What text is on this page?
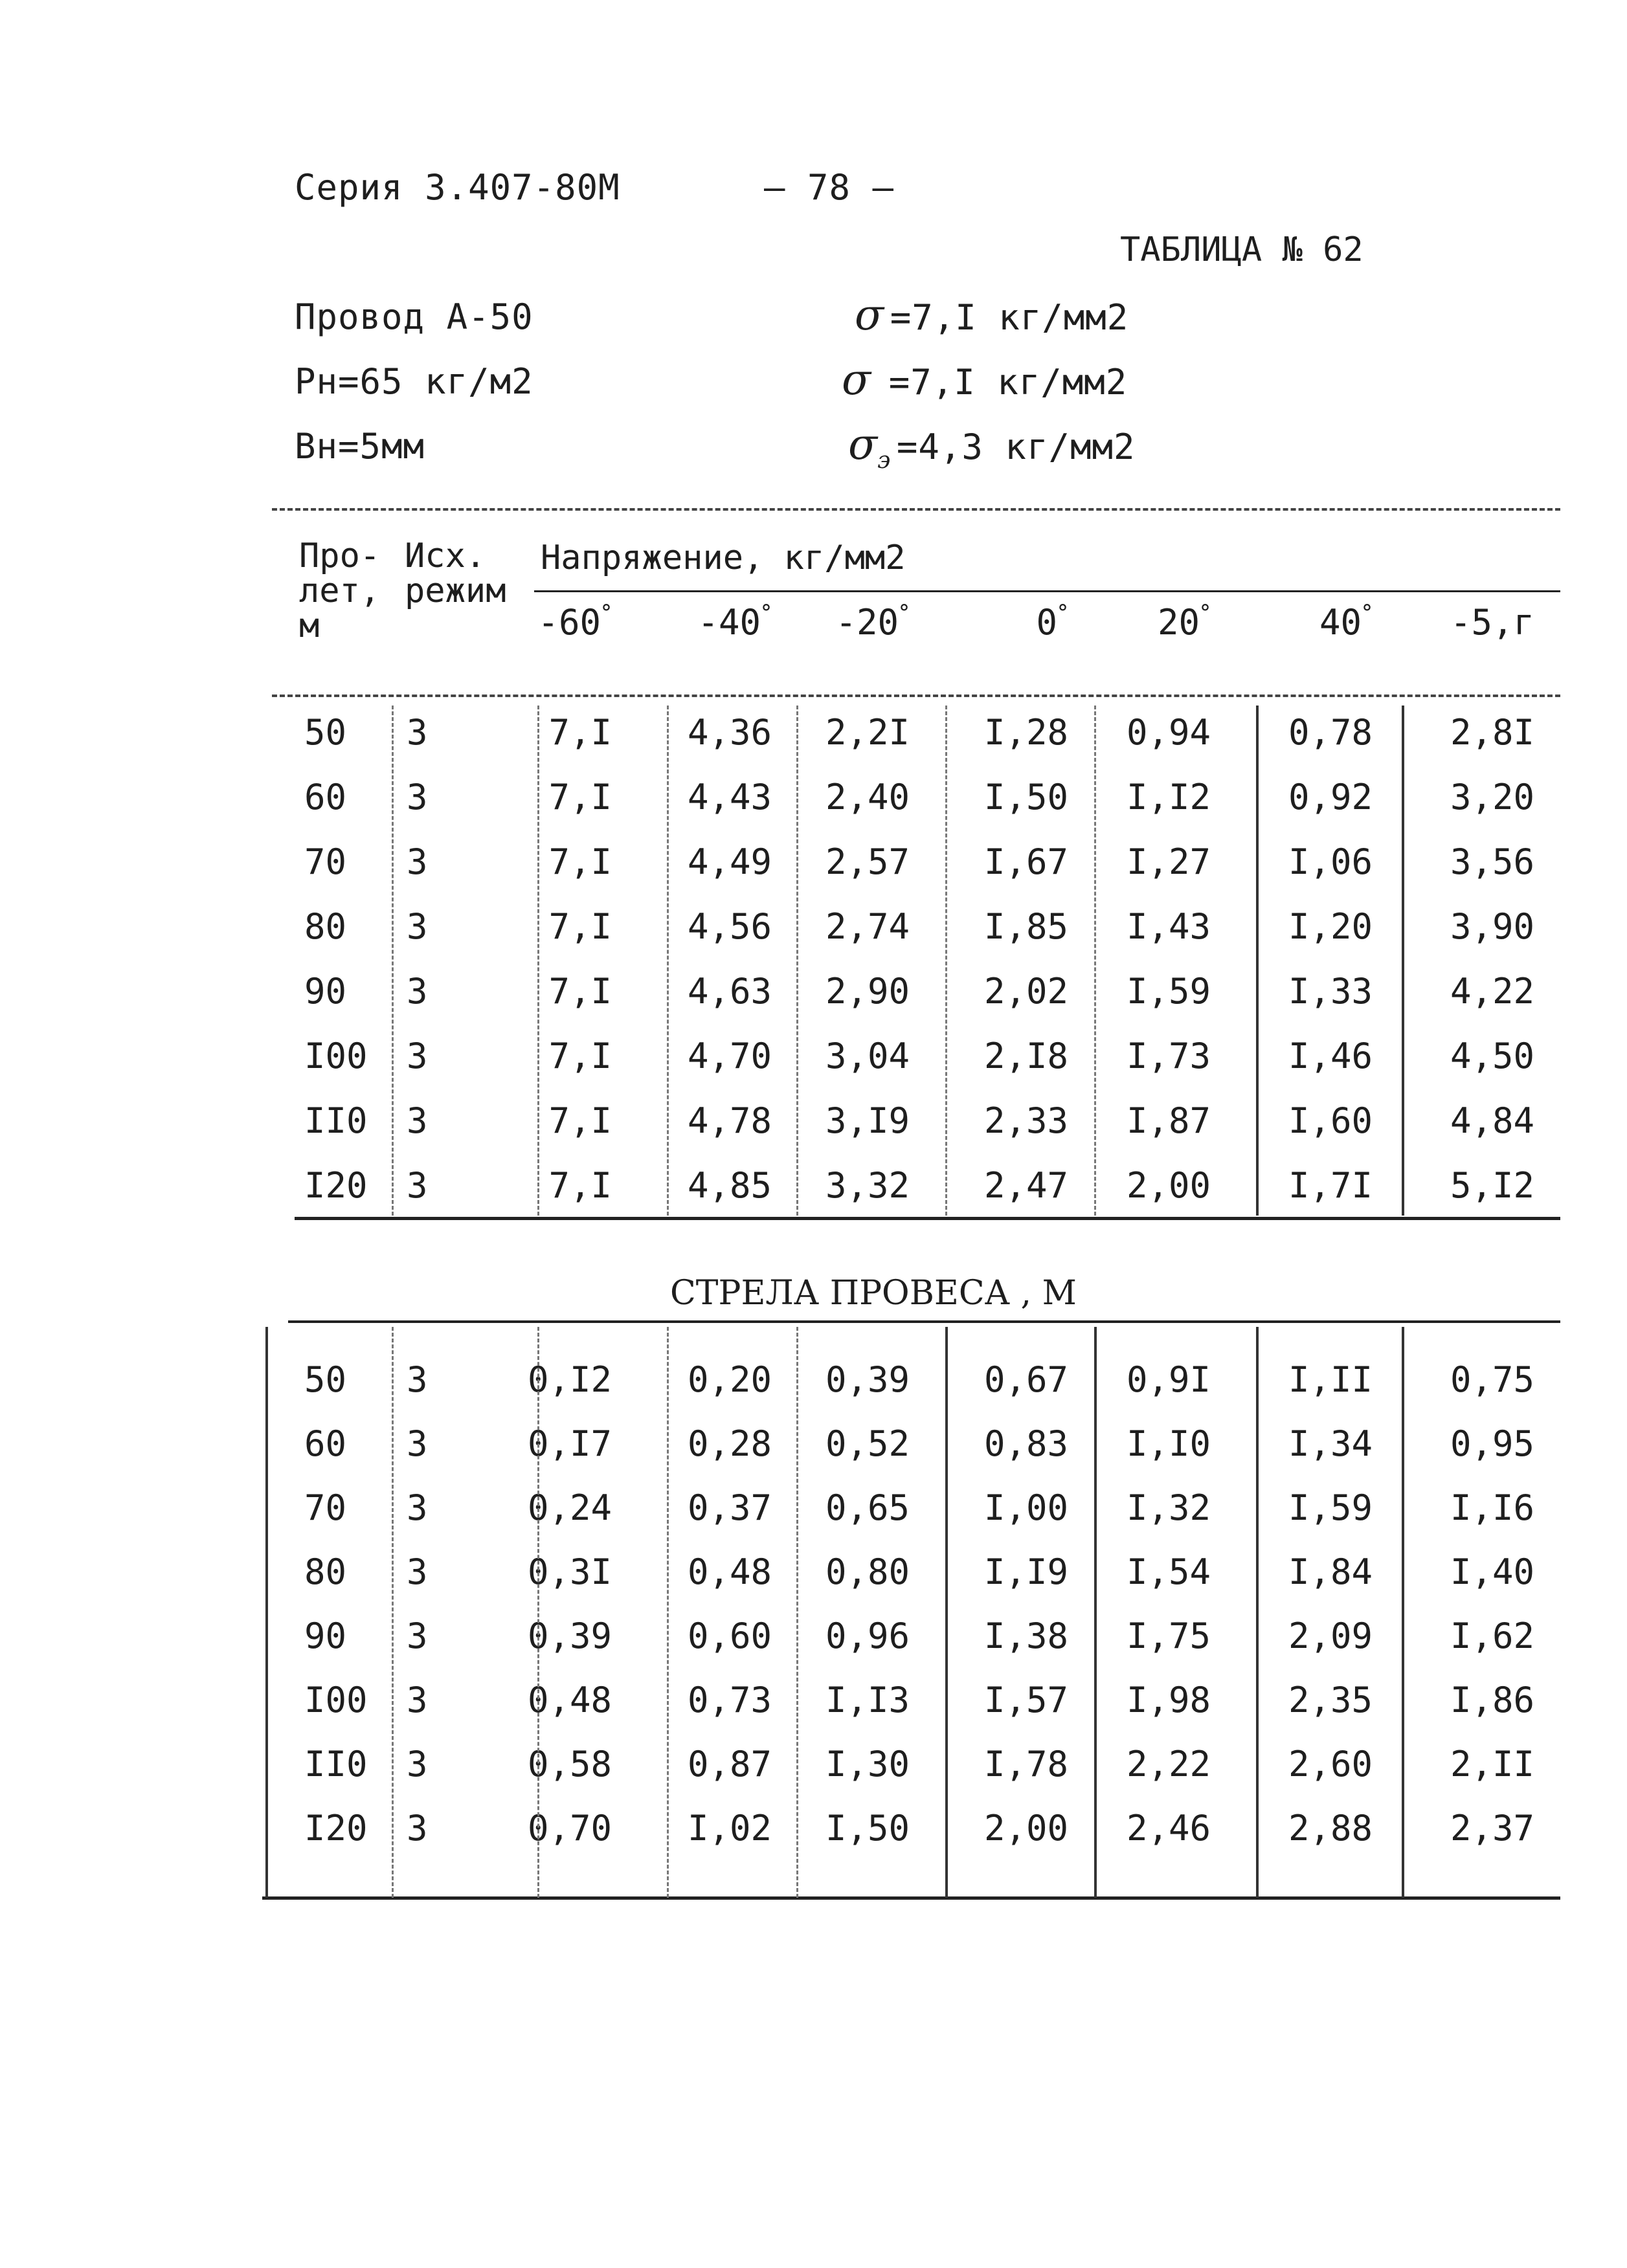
Серия 3.407-80М	– 78 –
ТАБЛИЦА № 62
Провод А-50
Рн=65 кг/м2
Вн=5мм
σ =7,I кг/мм2
σ =7,I кг/мм2
σэ =4,3 кг/мм2
Про-
лет,
м
Исх.
режим
Напряжение, кг/мм2
-60°	-40°	-20°	0°	20°	40°	-5,г
50 3	7,I	4,36	2,2I	I,28	0,94	0,78	2,8I
60 3	7,I	4,43	2,40	I,50	I,I2	0,92	3,20
70 3	7,I	4,49	2,57	I,67	I,27	I,06	3,56
80 3	7,I	4,56	2,74	I,85	I,43	I,20	3,90
90 3	7,I	4,63	2,90	2,02	I,59	I,33	4,22
I00 3	7,I	4,70	3,04	2,I8	I,73	I,46	4,50
II0 3	7,I	4,78	3,I9	2,33	I,87	I,60	4,84
I20 3	7,I	4,85	3,32	2,47	2,00	I,7I	5,I2
СТРЕЛА ПРОВЕСА , М
50 3	0,I2	0,20	0,39	0,67	0,9I	I,II	0,75
60 3	0,I7	0,28	0,52	0,83	I,I0	I,34	0,95
70 3	0,24	0,37	0,65	I,00	I,32	I,59	I,I6
80 3	0,3I	0,48	0,80	I,I9	I,54	I,84	I,40
90 3	0,39	0,60	0,96	I,38	I,75	2,09	I,62
I00 3	0,48	0,73	I,I3	I,57	I,98	2,35	I,86
II0 3	0,58	0,87	I,30	I,78	2,22	2,60	2,II
I20 3	0,70	I,02	I,50	2,00	2,46	2,88	2,37
